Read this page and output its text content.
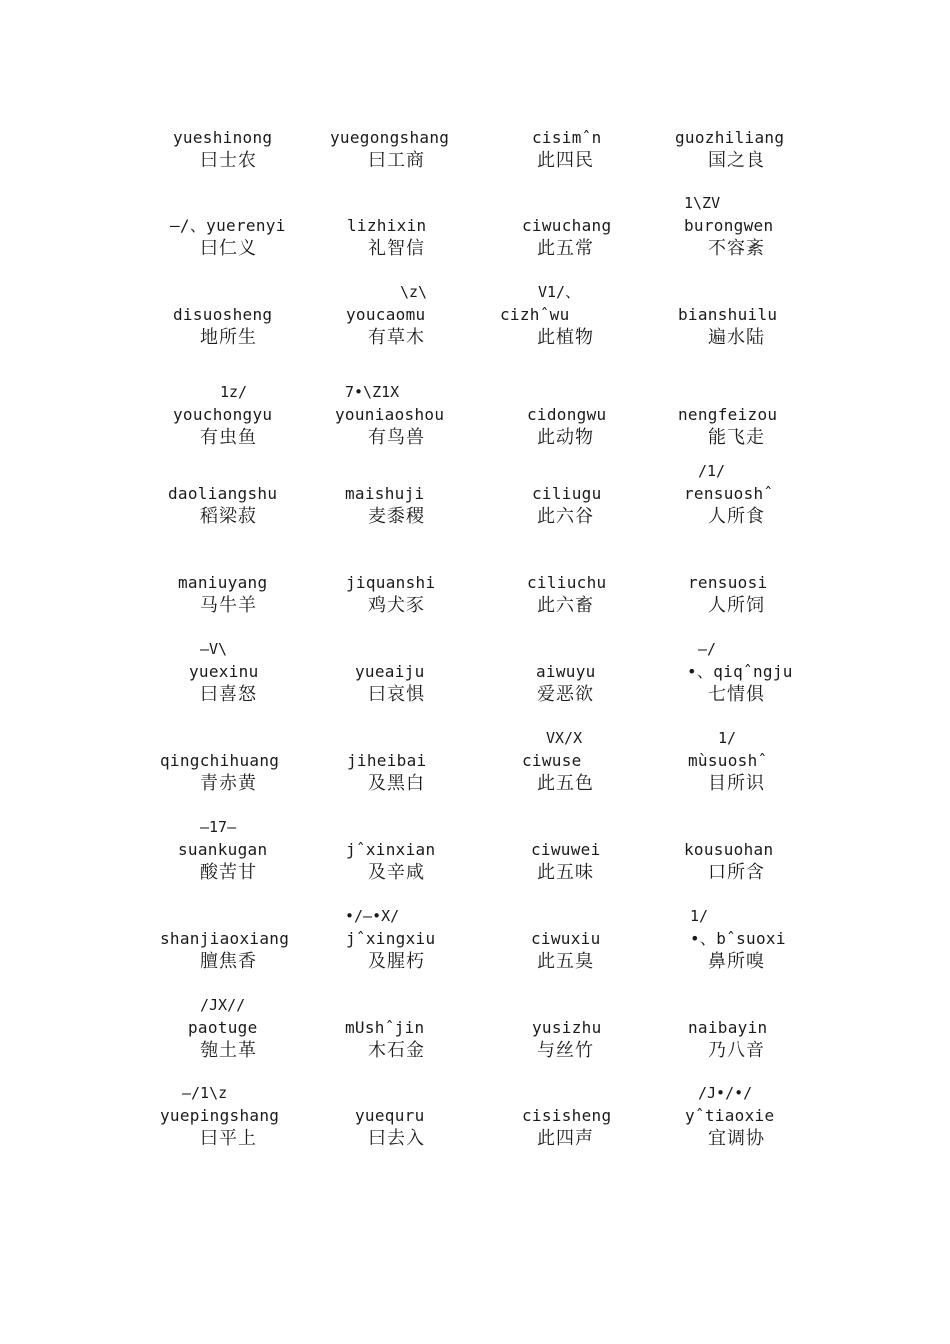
yueshinong
曰士农
yuegongshang
曰工商
cisimˆn
此四民
guozhiliang
国之良
—/、yuerenyi
曰仁义
lizhixin
礼智信
ciwuchang
此五常
1\ZV
burongwen
不容紊
disuosheng
地所生
\z\
youcaomu
有草木
V1/、
cizhˆwu
此植物
bianshuilu
遍水陆
1z/
youchongyu
有虫鱼
7•\Z1X
youniaoshou
有鸟兽
cidongwu
此动物
nengfeizou
能飞走
daoliangshu
稻梁菽
maishuji
麦黍稷
ciliugu
此六谷
/1/
rensuoshˆ
人所食
maniuyang
马牛羊
jiquanshi
鸡犬豕
ciliuchu
此六畜
rensuosi
人所饲
—V\
yuexinu
曰喜怒
yueaiju
曰哀惧
aiwuyu
爱恶欲
—/
•、qiqˆngju
七情俱
qingchihuang
青赤黄
jiheibai
及黑白
VX/X
ciwuse
此五色
1/
mùsuoshˆ
目所识
—17—
suankugan
酸苦甘
jˆxinxian
及辛咸
ciwuwei
此五味
kousuohan
口所含
shanjiaoxiang
膻焦香
•/—•X/
jˆxingxiu
及腥朽
ciwuxiu
此五臭
1/
•、bˆsuoxi
鼻所嗅
/JX//
paotuge
匏土革
mUshˆjin
木石金
yusizhu
与丝竹
naibayin
乃八音
—/1\z
yuepingshang
曰平上
yuequru
曰去入
cisisheng
此四声
/J•/•/
yˆtiaoxie
宜调协
